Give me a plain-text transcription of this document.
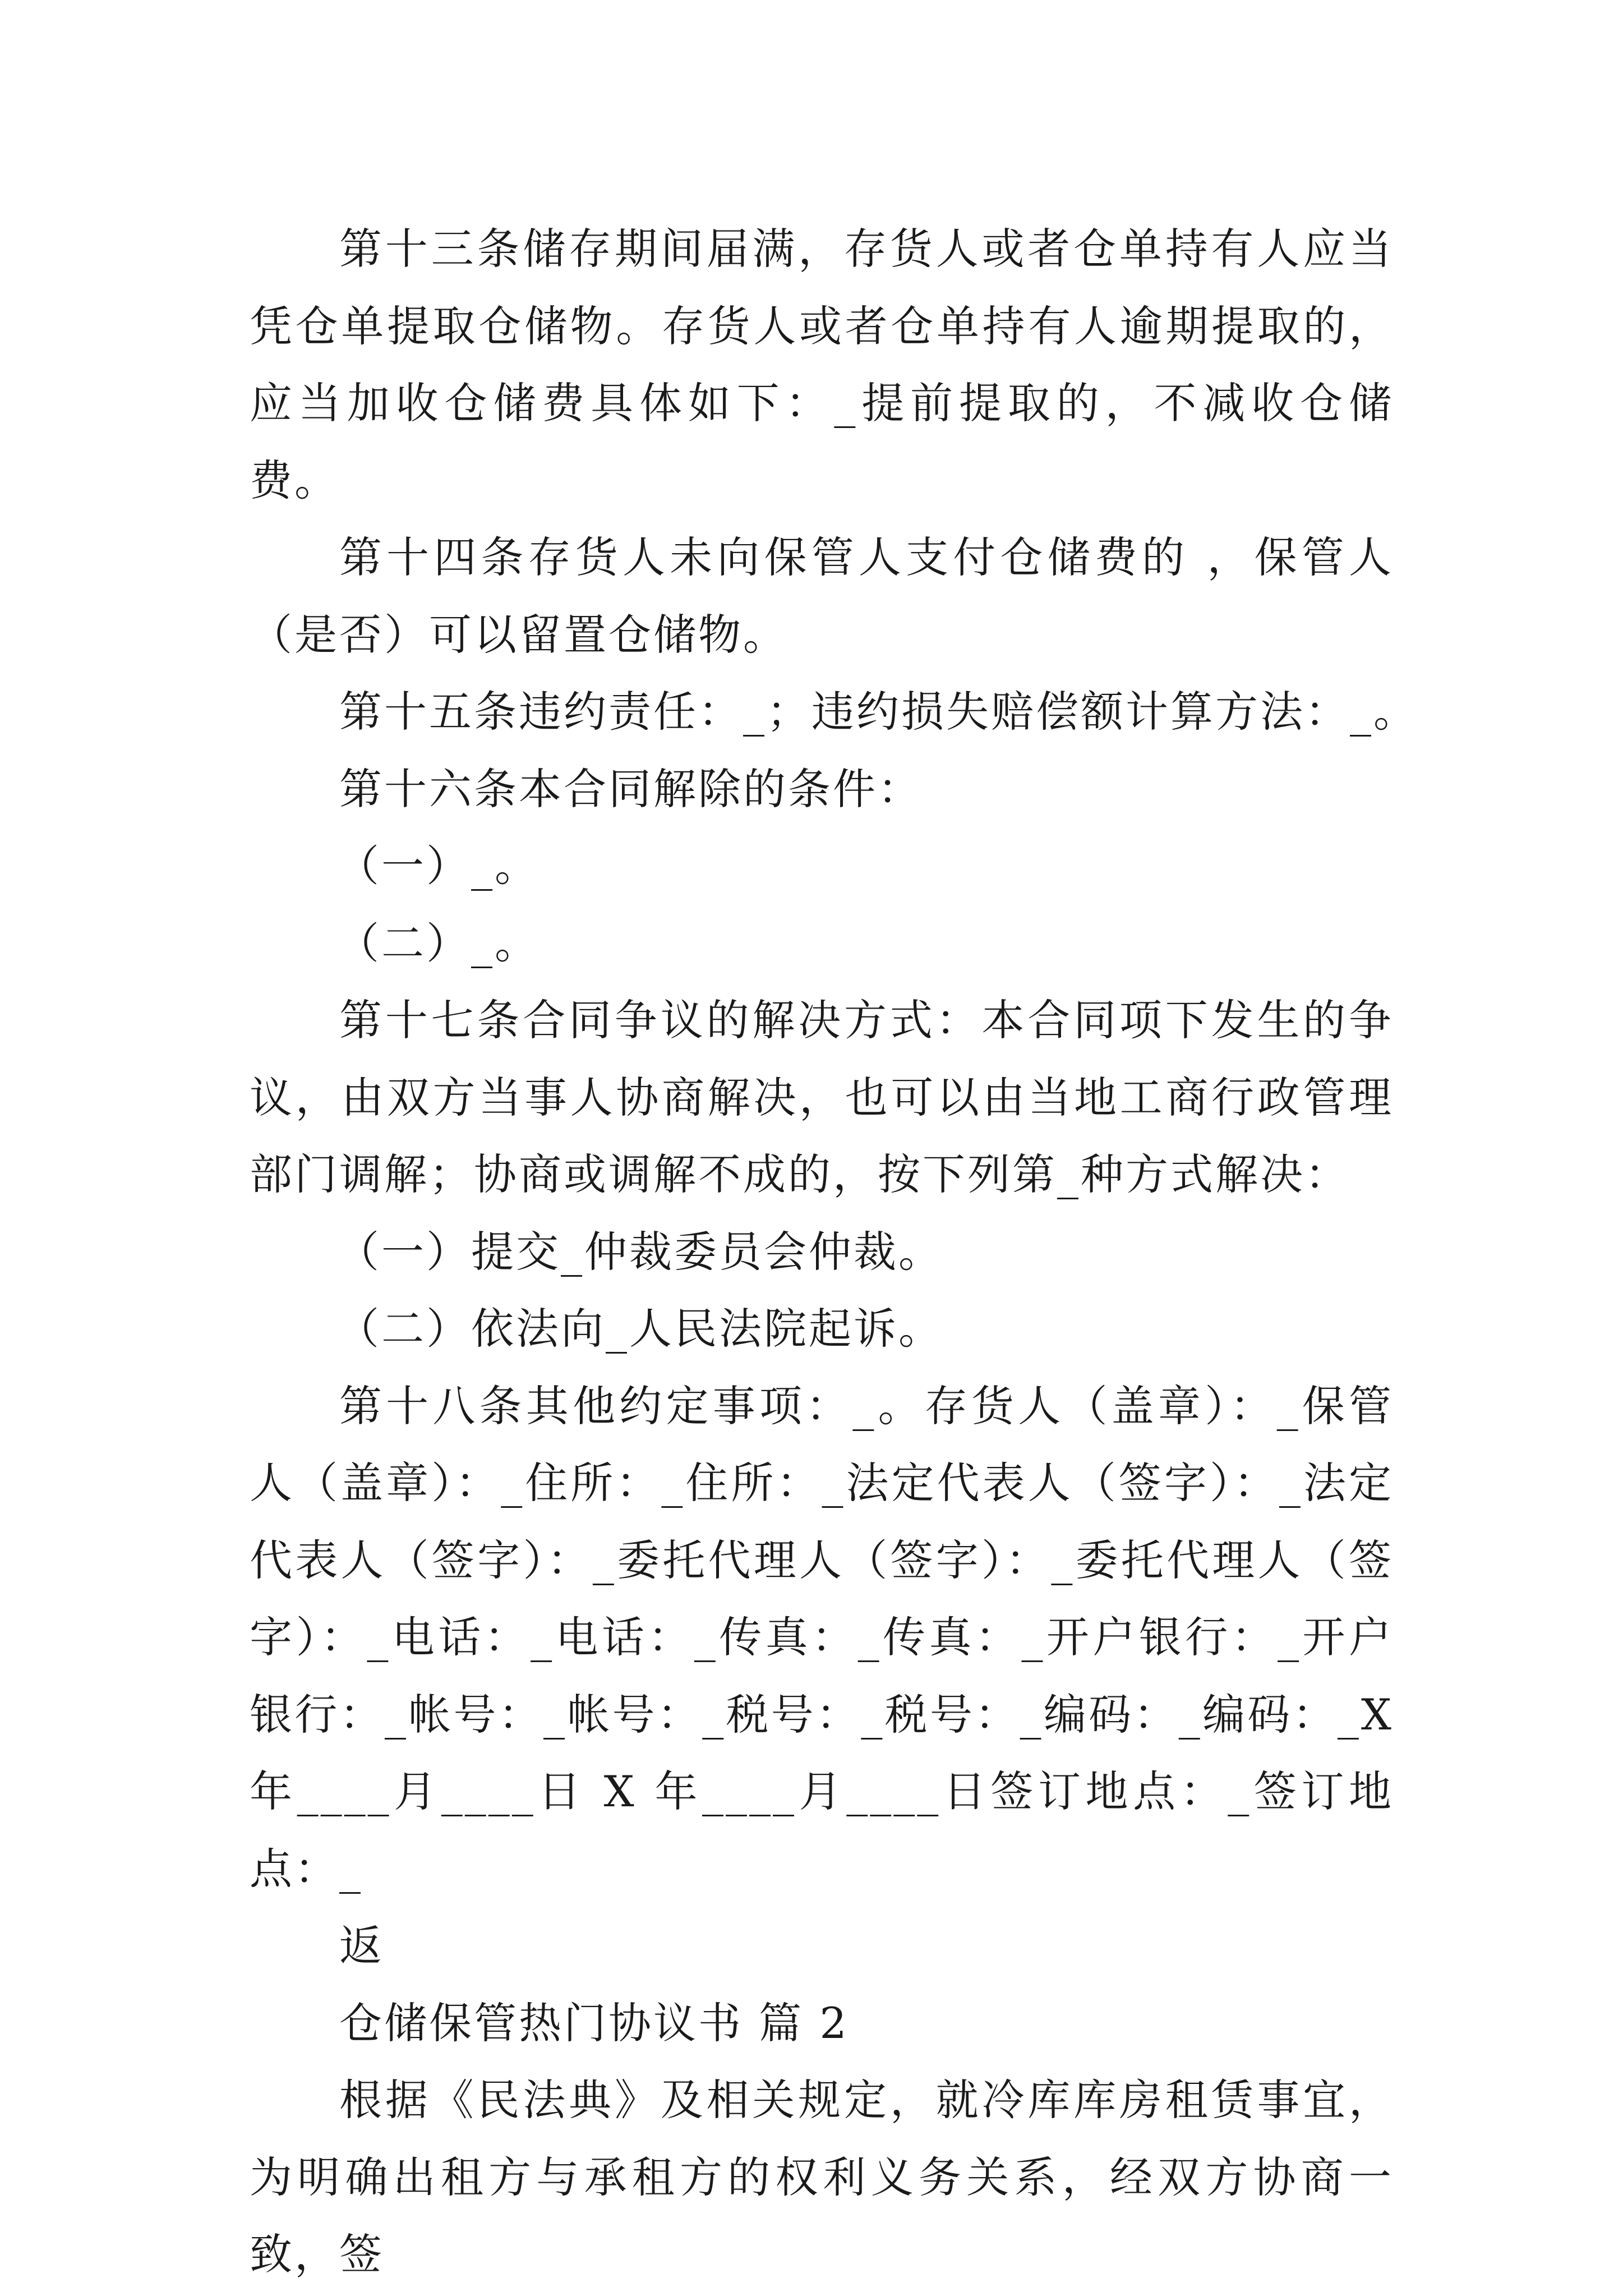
第十三条储存期间届满，存货人或者仓单持有人应当凭仓单提取仓储物。存货人或者仓单持有人逾期提取的，应当加收仓储费具体如下：_提前提取的，不减收仓储费。

第十四条存货人未向保管人支付仓储费的 ，保管人（是否）可以留置仓储物。

第十五条违约责任：_；违约损失赔偿额计算方法：_。

第十六条本合同解除的条件：

（一）_。

（二）_。

第十七条合同争议的解决方式：本合同项下发生的争议，由双方当事人协商解决，也可以由当地工商行政管理部门调解；协商或调解不成的，按下列第_种方式解决：

（一）提交_仲裁委员会仲裁。

（二）依法向_人民法院起诉。

第十八条其他约定事项：_。存货人（盖章）：_保管人（盖章）：_住所：_住所：_法定代表人（签字）：_法定代表人（签字）：_委托代理人（签字）：_委托代理人（签字）：_电话：_电话：_传真：_传真：_开户银行：_开户银行：_帐号：_帐号：_税号：_税号：_编码：_编码：_X 年____月____日 X 年____月____日签订地点：_签订地点：_

返

仓储保管热门协议书 篇 2

根据《民法典》及相关规定，就冷库库房租赁事宜，为明确出租方与承租方的权利义务关系，经双方协商一致，签
